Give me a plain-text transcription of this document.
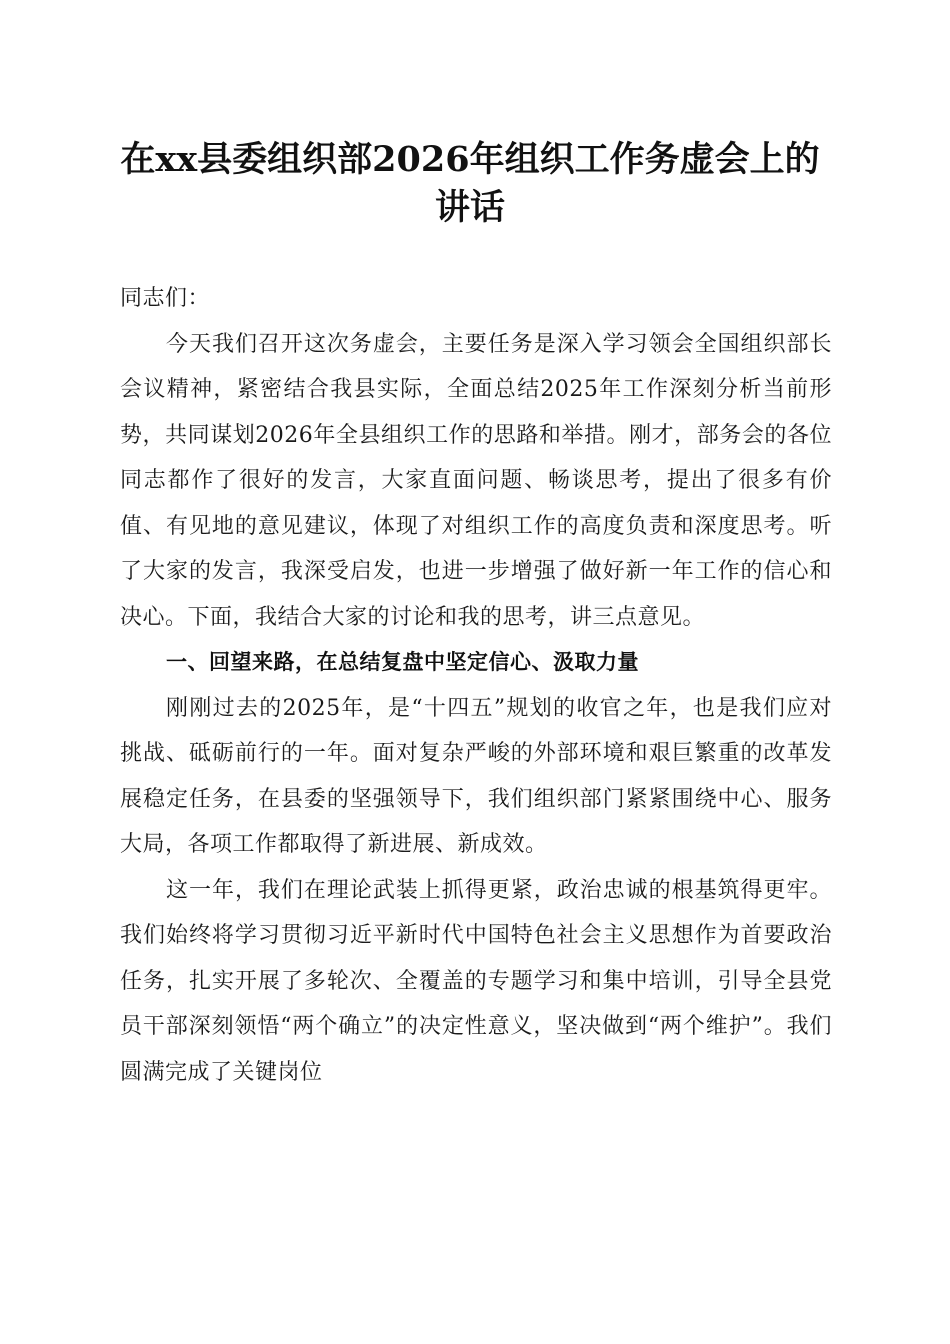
在xx县委组织部2026年组织工作务虚会上的
讲话

同志们：

今天我们召开这次务虚会，主要任务是深入学习领会全国组织部长会议精神，紧密结合我县实际，全面总结2025年工作深刻分析当前形势，共同谋划2026年全县组织工作的思路和举措。刚才，部务会的各位同志都作了很好的发言，大家直面问题、畅谈思考，提出了很多有价值、有见地的意见建议，体现了对组织工作的高度负责和深度思考。听了大家的发言，我深受启发，也进一步增强了做好新一年工作的信心和决心。下面，我结合大家的讨论和我的思考，讲三点意见。

一、回望来路，在总结复盘中坚定信心、汲取力量

刚刚过去的2025年，是“十四五”规划的收官之年，也是我们应对挑战、砥砺前行的一年。面对复杂严峻的外部环境和艰巨繁重的改革发展稳定任务，在县委的坚强领导下，我们组织部门紧紧围绕中心、服务大局，各项工作都取得了新进展、新成效。

这一年，我们在理论武装上抓得更紧，政治忠诚的根基筑得更牢。我们始终将学习贯彻习近平新时代中国特色社会主义思想作为首要政治任务，扎实开展了多轮次、全覆盖的专题学习和集中培训，引导全县党员干部深刻领悟“两个确立”的决定性意义，坚决做到“两个维护”。我们圆满完成了关键岗位
